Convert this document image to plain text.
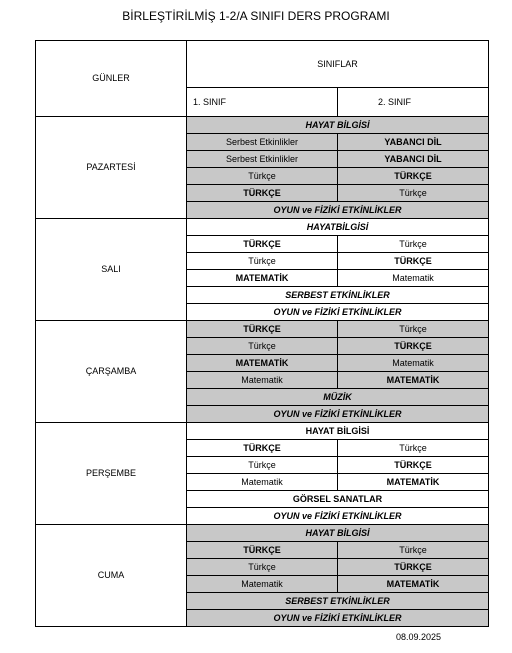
BİRLEŞTİRİLMİŞ 1-2/A SINIFI DERS PROGRAMI
GÜNLER	SINIFLAR	
	1. SINIF	2. SINIF
PAZARTESİ	HAYAT BİLGİSİ	
	Serbest Etkinlikler	YABANCI DİL
	Serbest Etkinlikler	YABANCI DİL
	Türkçe	TÜRKÇE
	TÜRKÇE	Türkçe
	OYUN ve FİZİKİ ETKİNLİKLER	
SALI	HAYATBİLGİSİ	
	TÜRKÇE	Türkçe
	Türkçe	TÜRKÇE
	MATEMATİK	Matematik
	SERBEST ETKİNLİKLER	
	OYUN ve FİZİKİ ETKİNLİKLER	
ÇARŞAMBA	TÜRKÇE	Türkçe
	Türkçe	TÜRKÇE
	MATEMATİK	Matematik
	Matematik	MATEMATİK
	MÜZİK	
	OYUN ve FİZİKİ ETKİNLİKLER	
PERŞEMBE	HAYAT BİLGİSİ	
	TÜRKÇE	Türkçe
	Türkçe	TÜRKÇE
	Matematik	MATEMATİK
	GÖRSEL SANATLAR	
	OYUN ve FİZİKİ ETKİNLİKLER	
CUMA	HAYAT BİLGİSİ	
	TÜRKÇE	Türkçe
	Türkçe	TÜRKÇE
	Matematik	MATEMATİK
	SERBEST ETKİNLİKLER	
	OYUN ve FİZİKİ ETKİNLİKLER	
08.09.2025
